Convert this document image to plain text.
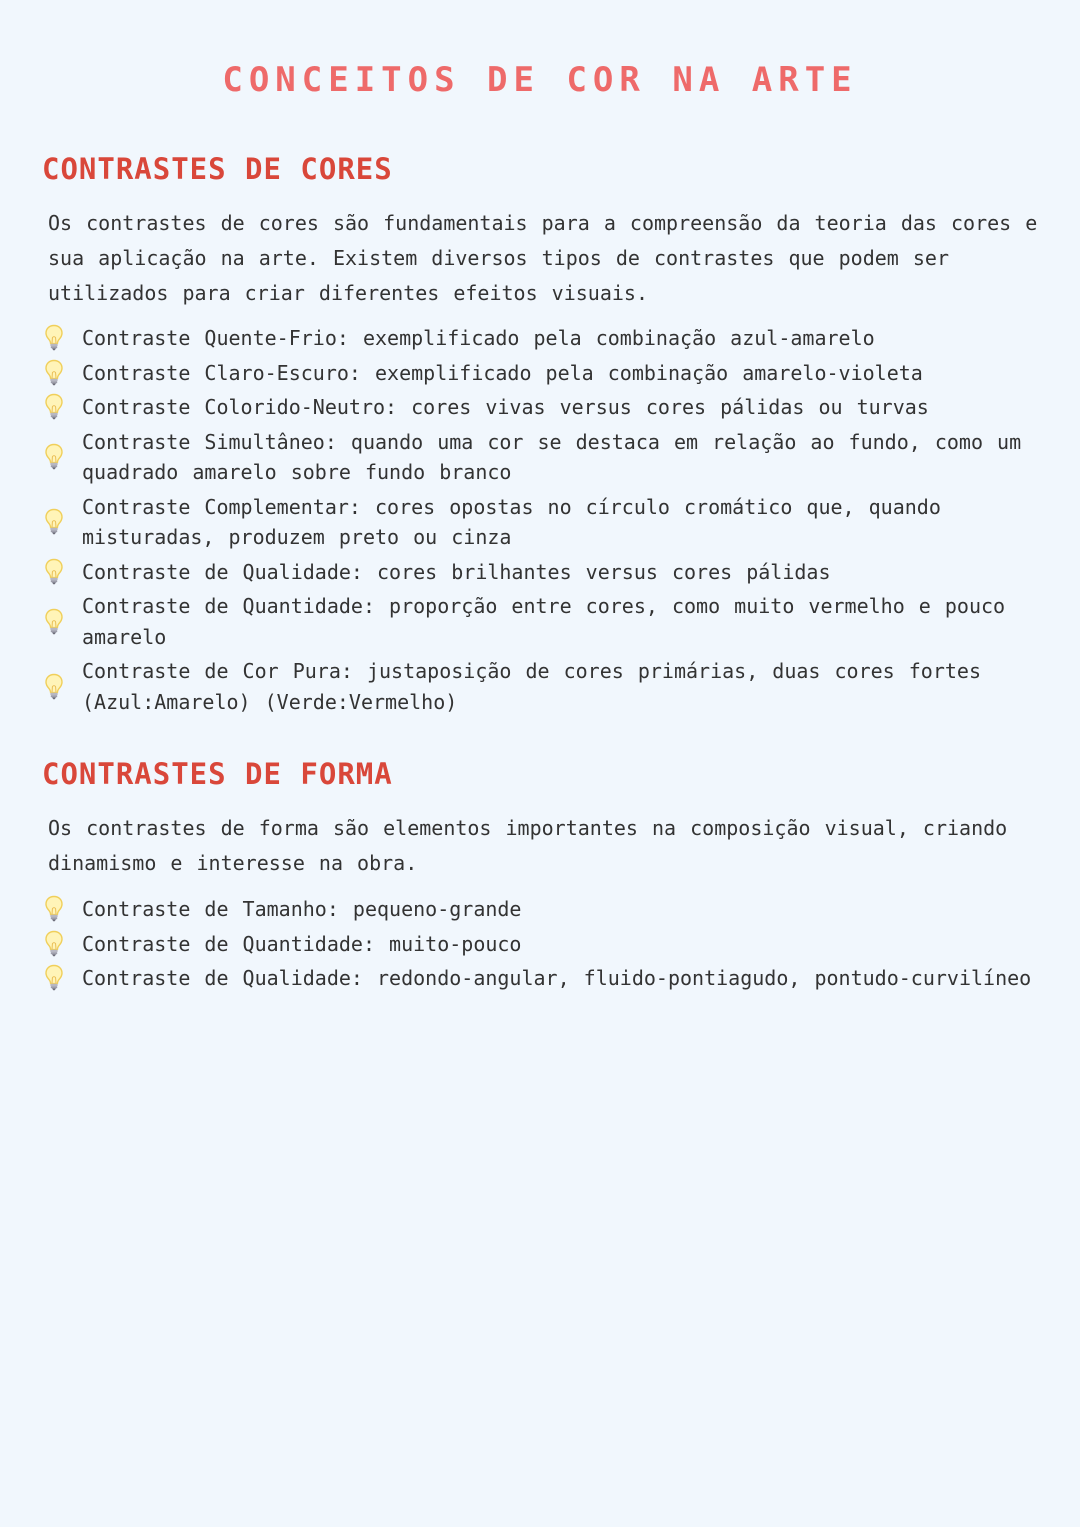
CONCEITOS DE COR NA ARTE
CONTRASTES DE CORES

Os contrastes de cores são fundamentais para a compreensão da teoria das cores e sua aplicação na arte. Existem diversos tipos de contrastes que podem ser utilizados para criar diferentes efeitos visuais.

Contraste Quente-Frio: exemplificado pela combinação azul-amarelo
Contraste Claro-Escuro: exemplificado pela combinação amarelo-violeta
Contraste Colorido-Neutro: cores vivas versus cores pálidas ou turvas
Contraste Simultâneo: quando uma cor se destaca em relação ao fundo, como um quadrado amarelo sobre fundo branco
Contraste Complementar: cores opostas no círculo cromático que, quando misturadas, produzem preto ou cinza
Contraste de Qualidade: cores brilhantes versus cores pálidas
Contraste de Quantidade: proporção entre cores, como muito vermelho e pouco amarelo
Contraste de Cor Pura: justaposição de cores primárias, duas cores fortes (Azul:Amarelo) (Verde:Vermelho)
CONTRASTES DE FORMA

Os contrastes de forma são elementos importantes na composição visual, criando dinamismo e interesse na obra.

Contraste de Tamanho: pequeno-grande
Contraste de Quantidade: muito-pouco
Contraste de Qualidade: redondo-angular, fluido-pontiagudo, pontudo-curvilíneo
